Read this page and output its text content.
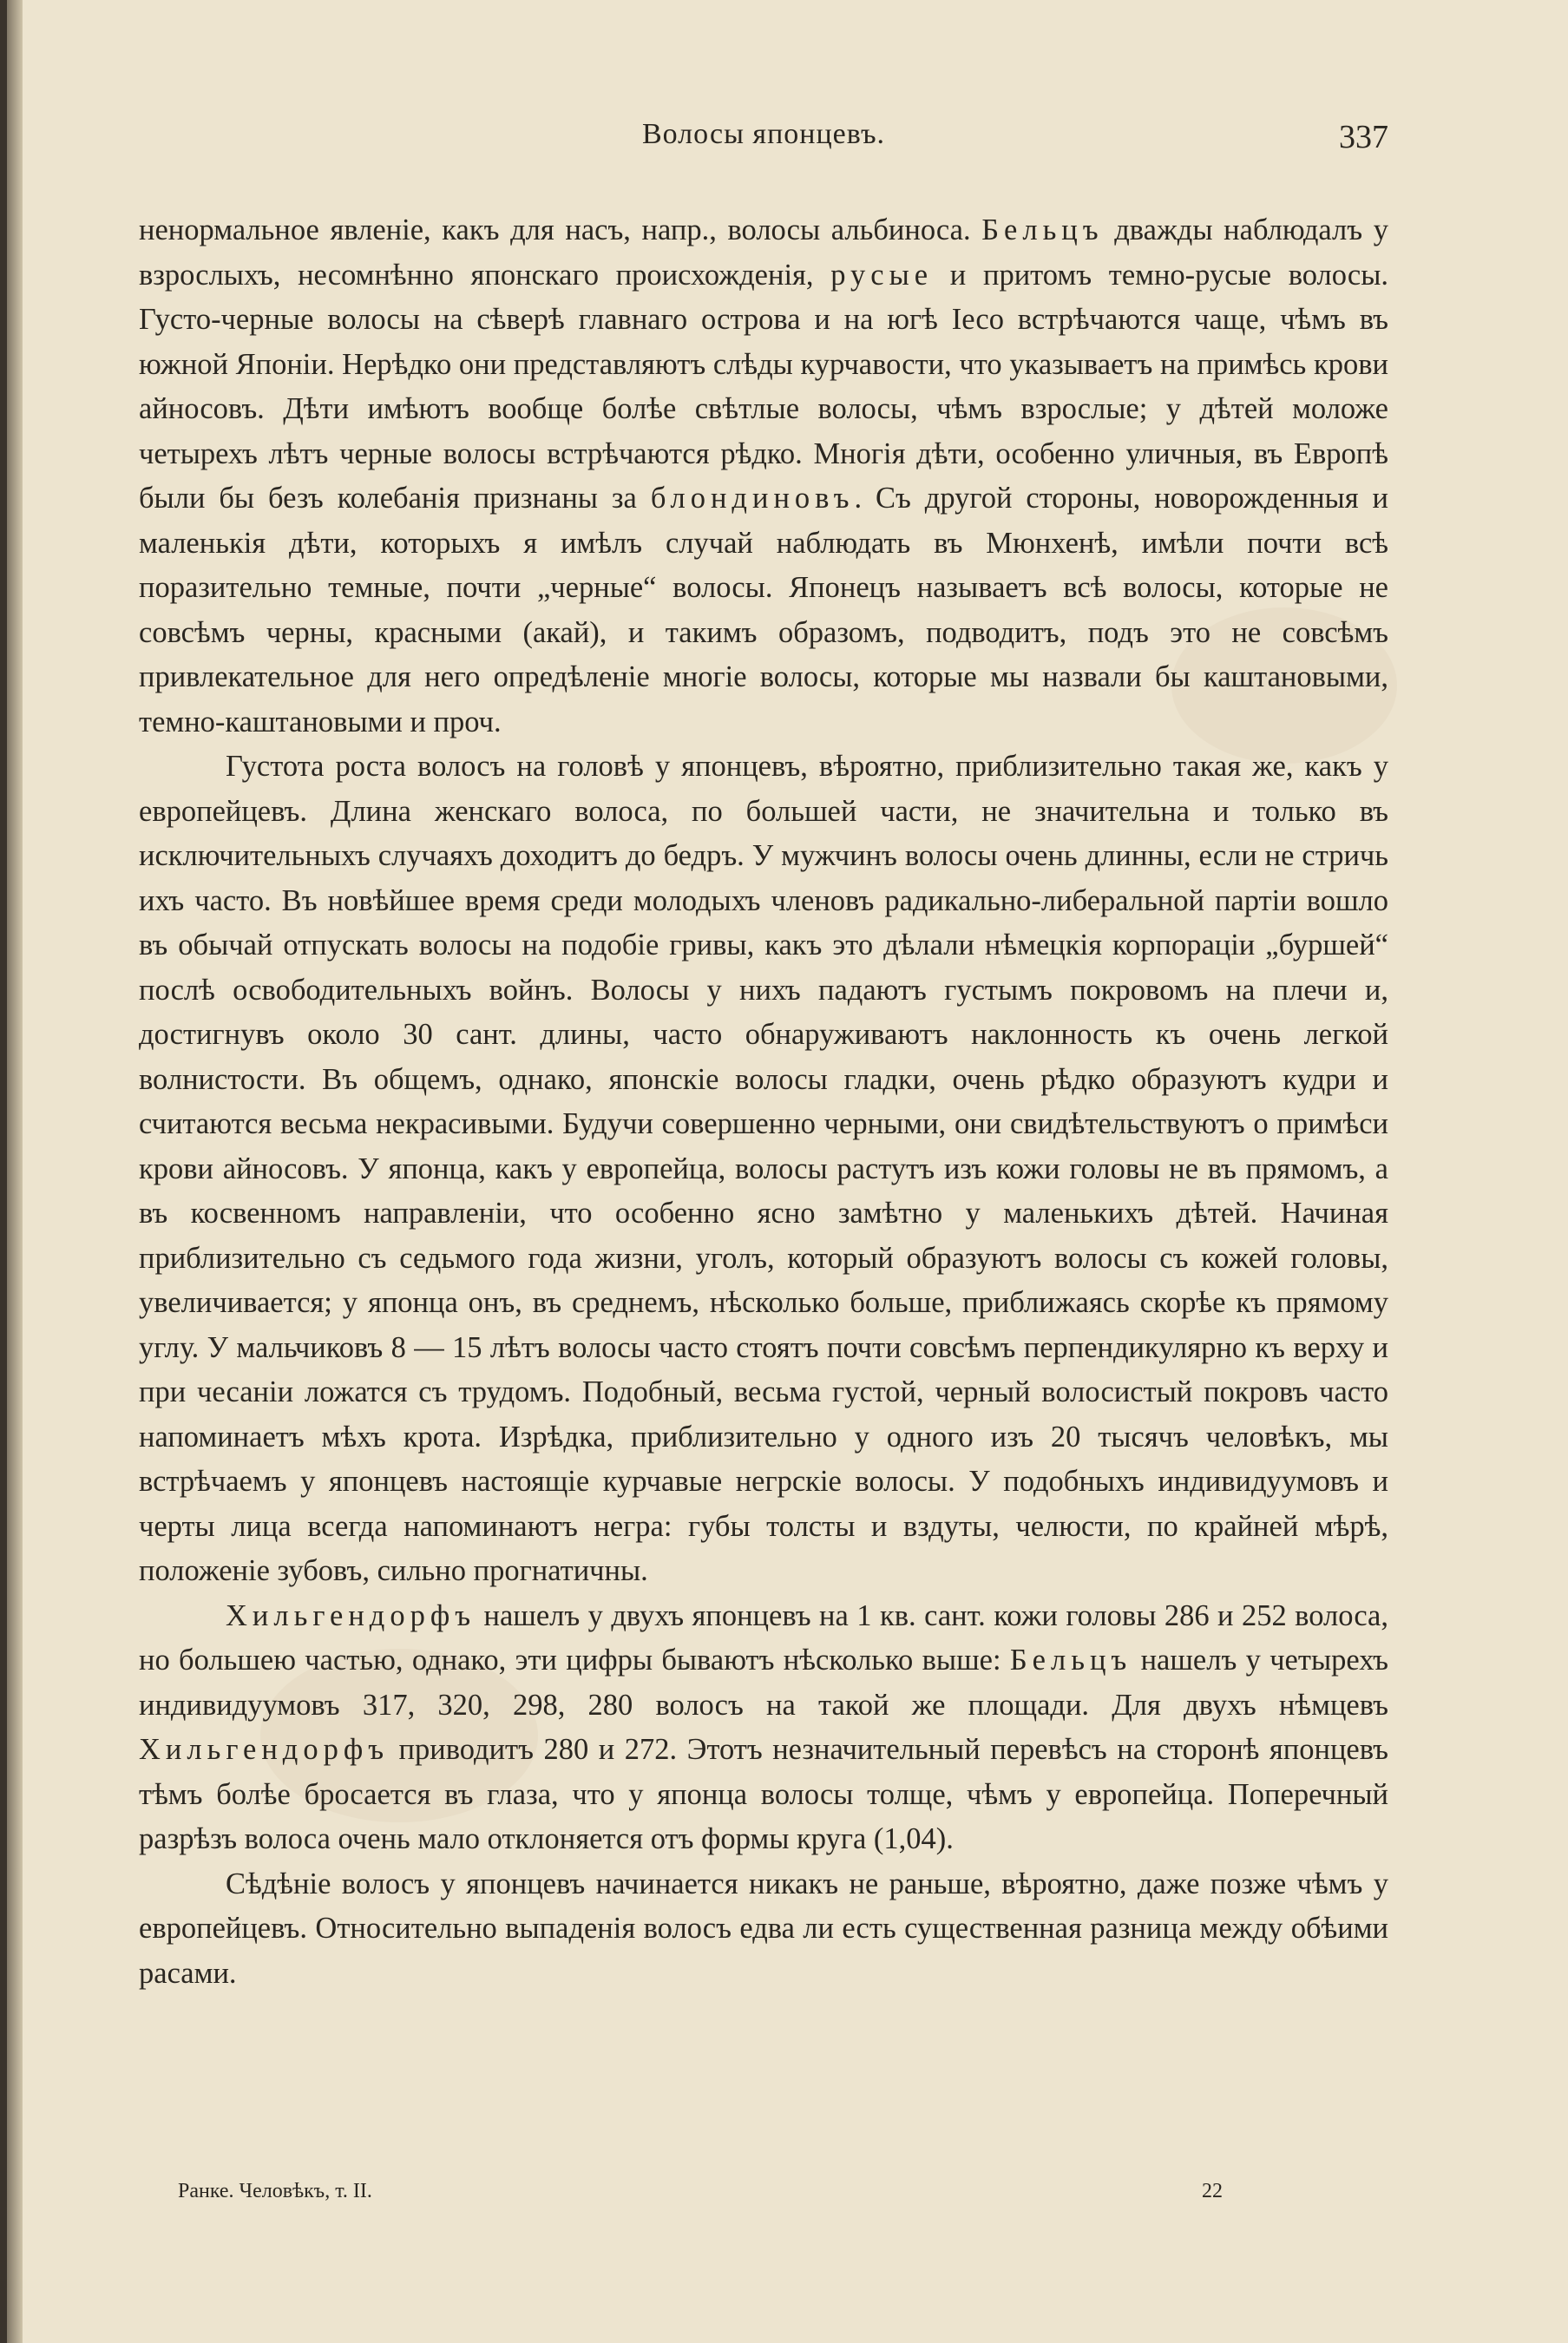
Волосы японцевъ.	337

ненормальное явленіе, какъ для насъ, напр., волосы альбиноса. Бельцъ дважды наблюдалъ у взрослыхъ, несомнѣнно японскаго происхожденія, русые и притомъ темно-русые волосы. Густо-черные волосы на сѣверѣ главнаго острова и на югѣ Іесо встрѣчаются чаще, чѣмъ въ южной Японіи. Нерѣдко они представляютъ слѣды курчавости, что указываетъ на примѣсь крови айносовъ. Дѣти имѣютъ вообще болѣе свѣтлые волосы, чѣмъ взрослые; у дѣтей моложе четырехъ лѣтъ черные волосы встрѣчаются рѣдко. Многія дѣти, особенно уличныя, въ Европѣ были бы безъ колебанія признаны за блондиновъ. Съ другой стороны, новорожденныя и маленькія дѣти, которыхъ я имѣлъ случай наблюдать въ Мюнхенѣ, имѣли почти всѣ поразительно темные, почти „черные“ волосы. Японецъ называетъ всѣ волосы, которые не совсѣмъ черны, красными (акай), и такимъ образомъ, подводитъ, подъ это не совсѣмъ привлекательное для него опредѣленіе многіе волосы, которые мы назвали бы каштановыми, темно-каштановыми и проч.

Густота роста волосъ на головѣ у японцевъ, вѣроятно, приблизительно такая же, какъ у европейцевъ. Длина женскаго волоса, по большей части, не значительна и только въ исключительныхъ случаяхъ доходитъ до бедръ. У мужчинъ волосы очень длинны, если не стричь ихъ часто. Въ новѣйшее время среди молодыхъ членовъ радикально-либеральной партіи вошло въ обычай отпускать волосы на подобіе гривы, какъ это дѣлали нѣмецкія корпораціи „буршей“ послѣ освободительныхъ войнъ. Волосы у нихъ падаютъ густымъ покровомъ на плечи и, достигнувъ около 30 сант. длины, часто обнаруживаютъ наклонность къ очень легкой волнистости. Въ общемъ, однако, японскіе волосы гладки, очень рѣдко образуютъ кудри и считаются весьма некрасивыми. Будучи совершенно черными, они свидѣтельствуютъ о примѣси крови айносовъ. У японца, какъ у европейца, волосы растутъ изъ кожи головы не въ прямомъ, а въ косвенномъ направленіи, что особенно ясно замѣтно у маленькихъ дѣтей. Начиная приблизительно съ седьмого года жизни, уголъ, который образуютъ волосы съ кожей головы, увеличивается; у японца онъ, въ среднемъ, нѣсколько больше, приближаясь скорѣе къ прямому углу. У мальчиковъ 8 — 15 лѣтъ волосы часто стоятъ почти совсѣмъ перпендикулярно къ верху и при чесаніи ложатся съ трудомъ. Подобный, весьма густой, черный волосистый покровъ часто напоминаетъ мѣхъ крота. Изрѣдка, приблизительно у одного изъ 20 тысячъ человѣкъ, мы встрѣчаемъ у японцевъ настоящіе курчавые негрскіе волосы. У подобныхъ индивидуумовъ и черты лица всегда напоминаютъ негра: губы толсты и вздуты, челюсти, по крайней мѣрѣ, положеніе зубовъ, сильно прогнатичны.

Хильгендорфъ нашелъ у двухъ японцевъ на 1 кв. сант. кожи головы 286 и 252 волоса, но большею частью, однако, эти цифры бываютъ нѣсколько выше: Бельцъ нашелъ у четырехъ индивидуумовъ 317, 320, 298, 280 волосъ на такой же площади. Для двухъ нѣмцевъ Хильгендорфъ приводитъ 280 и 272. Этотъ незначительный перевѣсъ на сторонѣ японцевъ тѣмъ болѣе бросается въ глаза, что у японца волосы толще, чѣмъ у европейца. Поперечный разрѣзъ волоса очень мало отклоняется отъ формы круга (1,04).

Сѣдѣніе волосъ у японцевъ начинается никакъ не раньше, вѣроятно, даже позже чѣмъ у европейцевъ. Относительно выпаденія волосъ едва ли есть существенная разница между обѣими расами.

Ранке. Человѣкъ, т. II.	22
